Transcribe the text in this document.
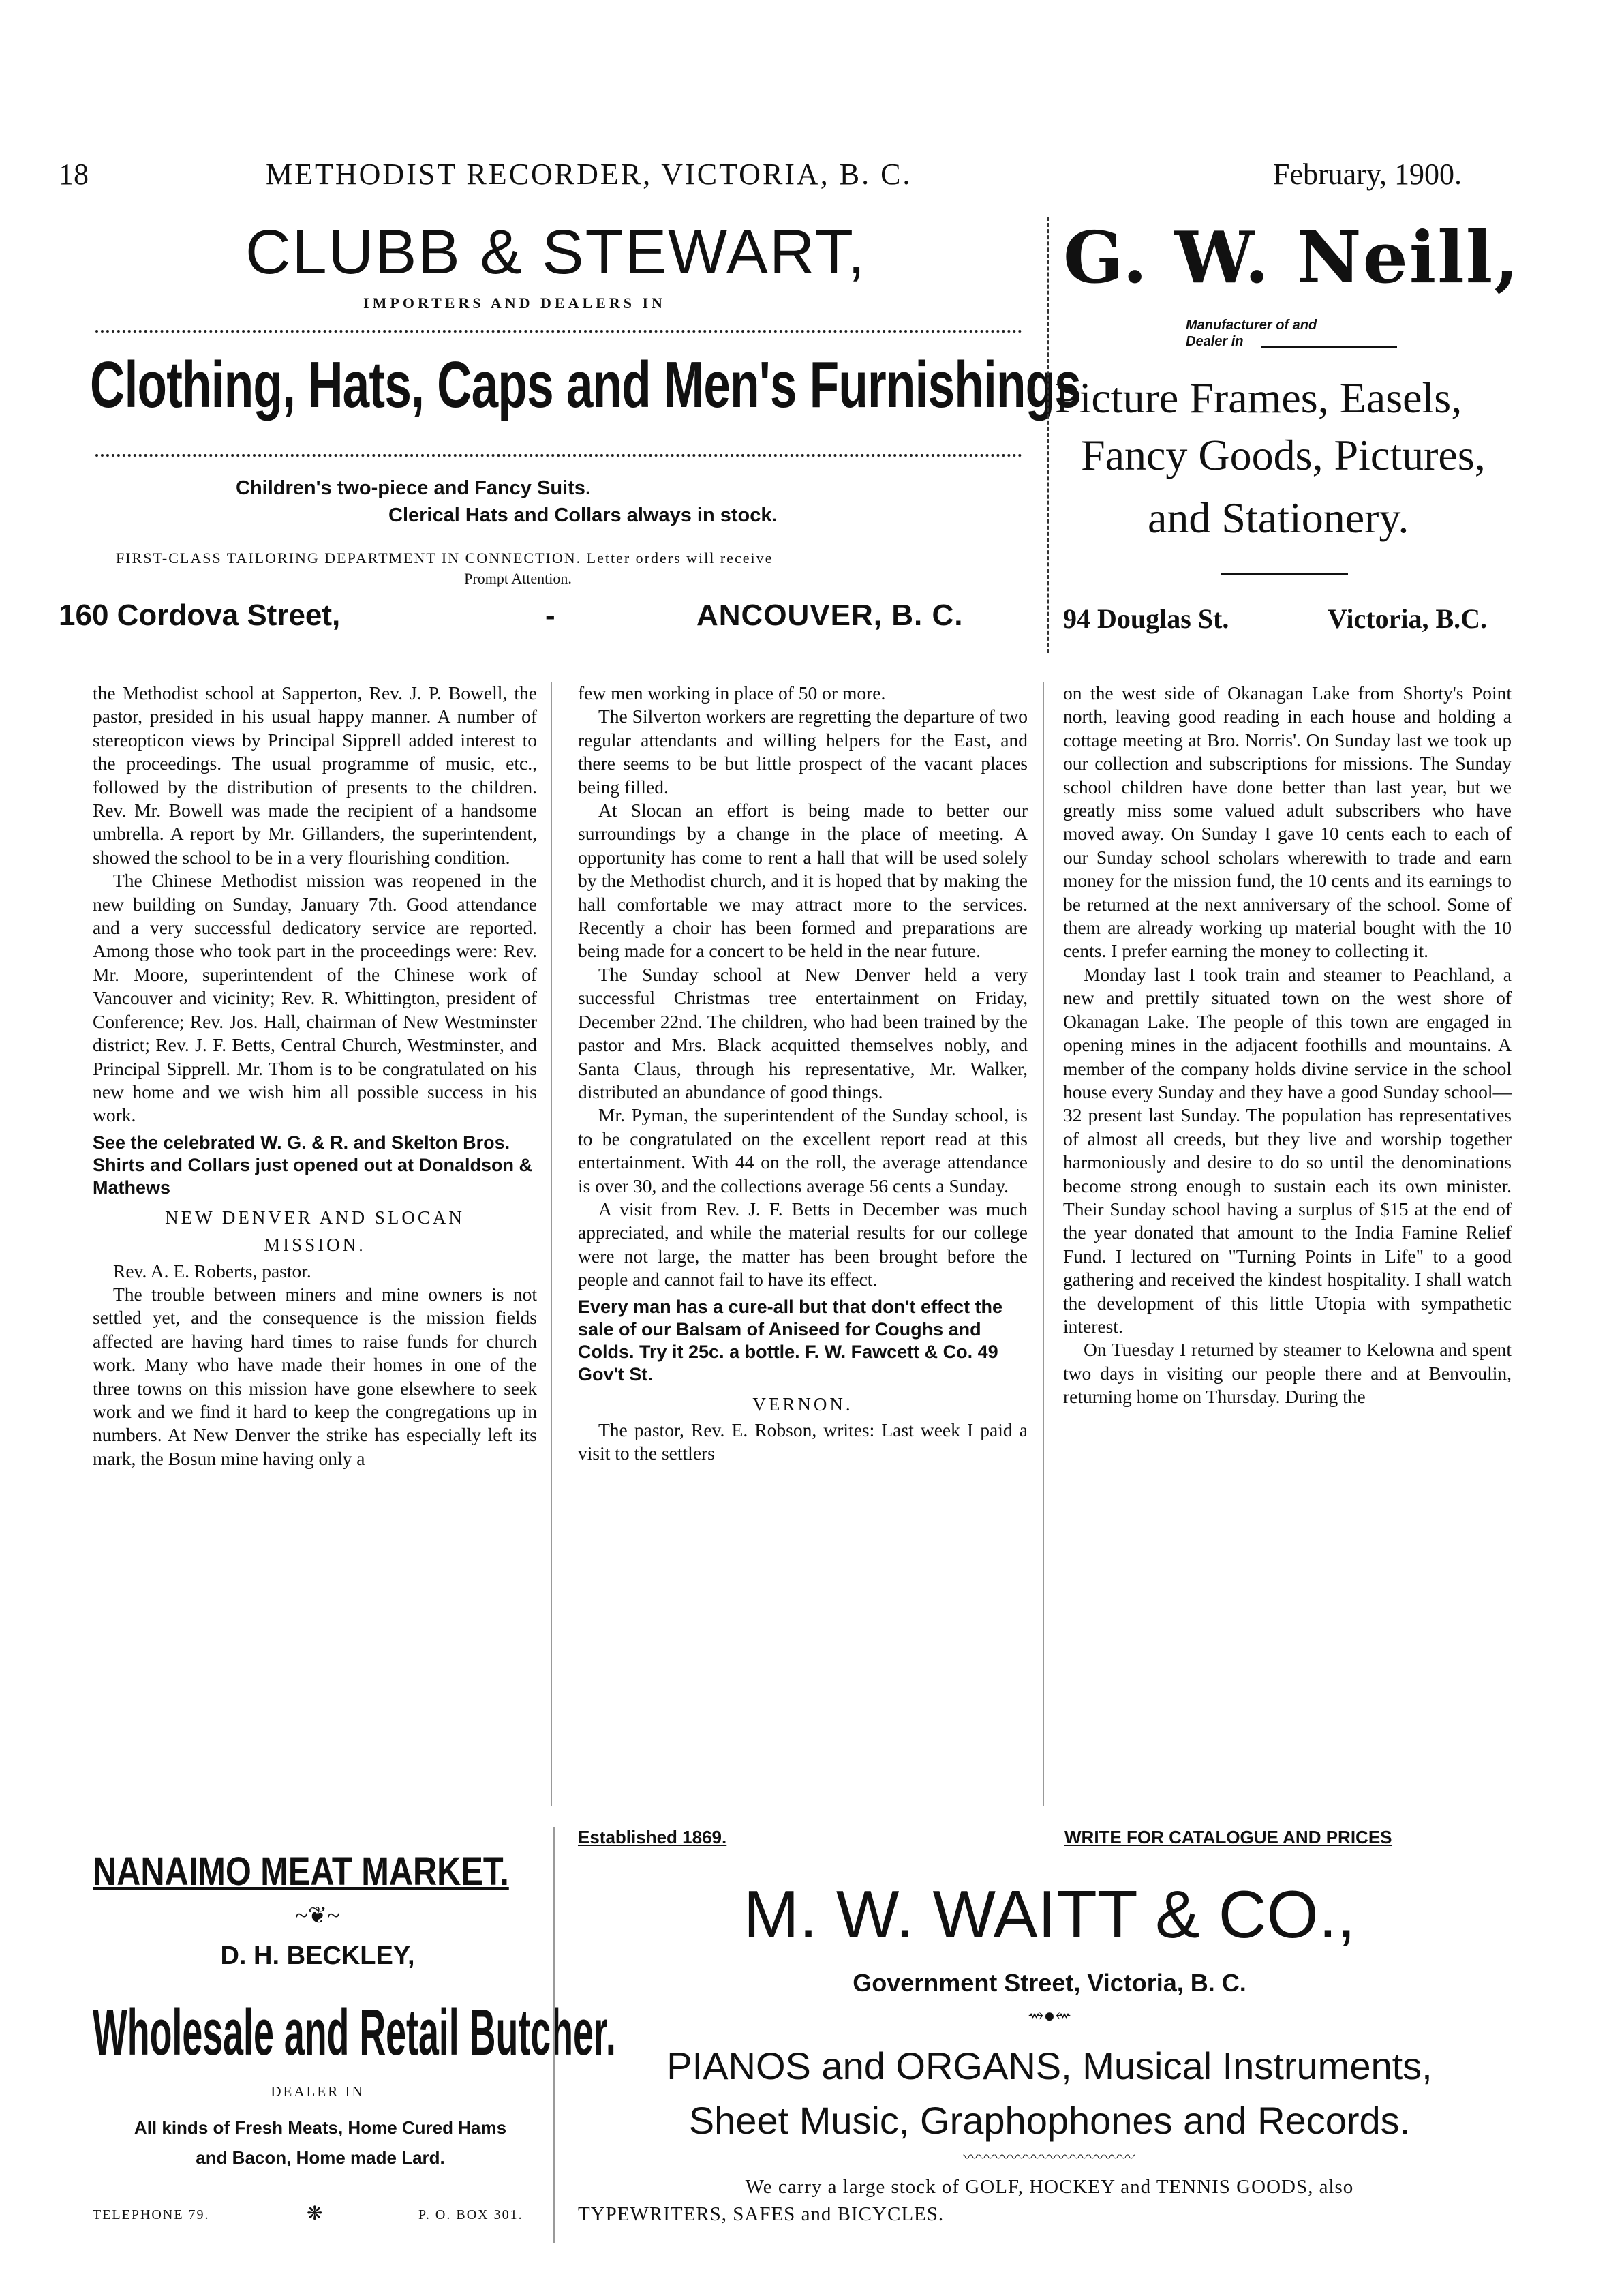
18	METHODIST RECORDER, VICTORIA, B. C.	February, 1900.
CLUBB & STEWART,
IMPORTERS AND DEALERS IN
Clothing, Hats, Caps and Men's Furnishings
Children's two-piece and Fancy Suits.
Clerical Hats and Collars always in stock.
FIRST-CLASS TAILORING DEPARTMENT IN CONNECTION. Letter orders will receive
Prompt Attention.
160 Cordova Street,	-	ANCOUVER, B. C.
G. W. Neill,
Manufacturer of and
Dealer in
Picture Frames, Easels,
Fancy Goods, Pictures,
and Stationery.
94 Douglas St.	Victoria, B.C.

the Methodist school at Sapperton, Rev. J. P. Bowell, the pastor, presided in his usual happy manner. A number of stereopticon views by Principal Sipprell added interest to the proceedings. The usual programme of music, etc., followed by the distribution of presents to the children. Rev. Mr. Bowell was made the recipient of a handsome umbrella. A report by Mr. Gillanders, the superintendent, showed the school to be in a very flourishing condition.

The Chinese Methodist mission was reopened in the new building on Sunday, January 7th. Good attendance and a very successful dedicatory service are reported. Among those who took part in the proceedings were: Rev. Mr. Moore, superintendent of the Chinese work of Vancouver and vicinity; Rev. R. Whittington, president of Conference; Rev. Jos. Hall, chairman of New Westminster district; Rev. J. F. Betts, Central Church, Westminster, and Principal Sipprell. Mr. Thom is to be congratulated on his new home and we wish him all possible success in his work.

See the celebrated W. G. & R. and Skelton Bros. Shirts and Collars just opened out at Donaldson & Mathews

NEW DENVER AND SLOCAN

MISSION.

Rev. A. E. Roberts, pastor.

The trouble between miners and mine owners is not settled yet, and the consequence is the mission fields affected are having hard times to raise funds for church work. Many who have made their homes in one of the three towns on this mission have gone elsewhere to seek work and we find it hard to keep the congregations up in numbers. At New Denver the strike has especially left its mark, the Bosun mine having only a

few men working in place of 50 or more.

The Silverton workers are regretting the departure of two regular attendants and willing helpers for the East, and there seems to be but little prospect of the vacant places being filled.

At Slocan an effort is being made to better our surroundings by a change in the place of meeting. A opportunity has come to rent a hall that will be used solely by the Methodist church, and it is hoped that by making the hall comfortable we may attract more to the services. Recently a choir has been formed and preparations are being made for a concert to be held in the near future.

The Sunday school at New Denver held a very successful Christmas tree entertainment on Friday, December 22nd. The children, who had been trained by the pastor and Mrs. Black acquitted themselves nobly, and Santa Claus, through his representative, Mr. Walker, distributed an abundance of good things.

Mr. Pyman, the superintendent of the Sunday school, is to be congratulated on the excellent report read at this entertainment. With 44 on the roll, the average attendance is over 30, and the collections average 56 cents a Sunday.

A visit from Rev. J. F. Betts in December was much appreciated, and while the material results for our college were not large, the matter has been brought before the people and cannot fail to have its effect.

Every man has a cure-all but that don't effect the sale of our Balsam of Aniseed for Coughs and Colds. Try it 25c. a bottle. F. W. Fawcett & Co. 49 Gov't St.

VERNON.

The pastor, Rev. E. Robson, writes: Last week I paid a visit to the settlers

on the west side of Okanagan Lake from Shorty's Point north, leaving good reading in each house and holding a cottage meeting at Bro. Norris'. On Sunday last we took up our collection and subscriptions for missions. The Sunday school children have done better than last year, but we greatly miss some valued adult subscribers who have moved away. On Sunday I gave 10 cents each to each of our Sunday school scholars wherewith to trade and earn money for the mission fund, the 10 cents and its earnings to be returned at the next anniversary of the school. Some of them are already working up material bought with the 10 cents. I prefer earning the money to collecting it.

Monday last I took train and steamer to Peachland, a new and prettily situated town on the west shore of Okanagan Lake. The people of this town are engaged in opening mines in the adjacent foothills and mountains. A member of the company holds divine service in the school house every Sunday and they have a good Sunday school—32 present last Sunday. The population has representatives of almost all creeds, but they live and worship together harmoniously and desire to do so until the denominations become strong enough to sustain each its own minister. Their Sunday school having a surplus of $15 at the end of the year donated that amount to the India Famine Relief Fund. I lectured on "Turning Points in Life" to a good gathering and received the kindest hospitality. I shall watch the development of this little Utopia with sympathetic interest.

On Tuesday I returned by steamer to Kelowna and spent two days in visiting our people there and at Benvoulin, returning home on Thursday. During the

NANAIMO MEAT MARKET.
~❦~
D. H. BECKLEY,
Wholesale and Retail Butcher.
DEALER IN
All kinds of Fresh Meats, Home Cured Hams
and Bacon, Home made Lard.
TELEPHONE 79.	❋	P. O. BOX 301.
Established 1869.	WRITE FOR CATALOGUE AND PRICES
M. W. WAITT & CO.,
Government Street, Victoria, B. C.
⇝●⇜
PIANOS and ORGANS, Musical Instruments,
Sheet Music, Graphophones and Records.
〰〰〰〰〰〰〰〰〰〰〰
We carry a large stock of GOLF, HOCKEY and TENNIS GOODS, also
TYPEWRITERS, SAFES and BICYCLES.
